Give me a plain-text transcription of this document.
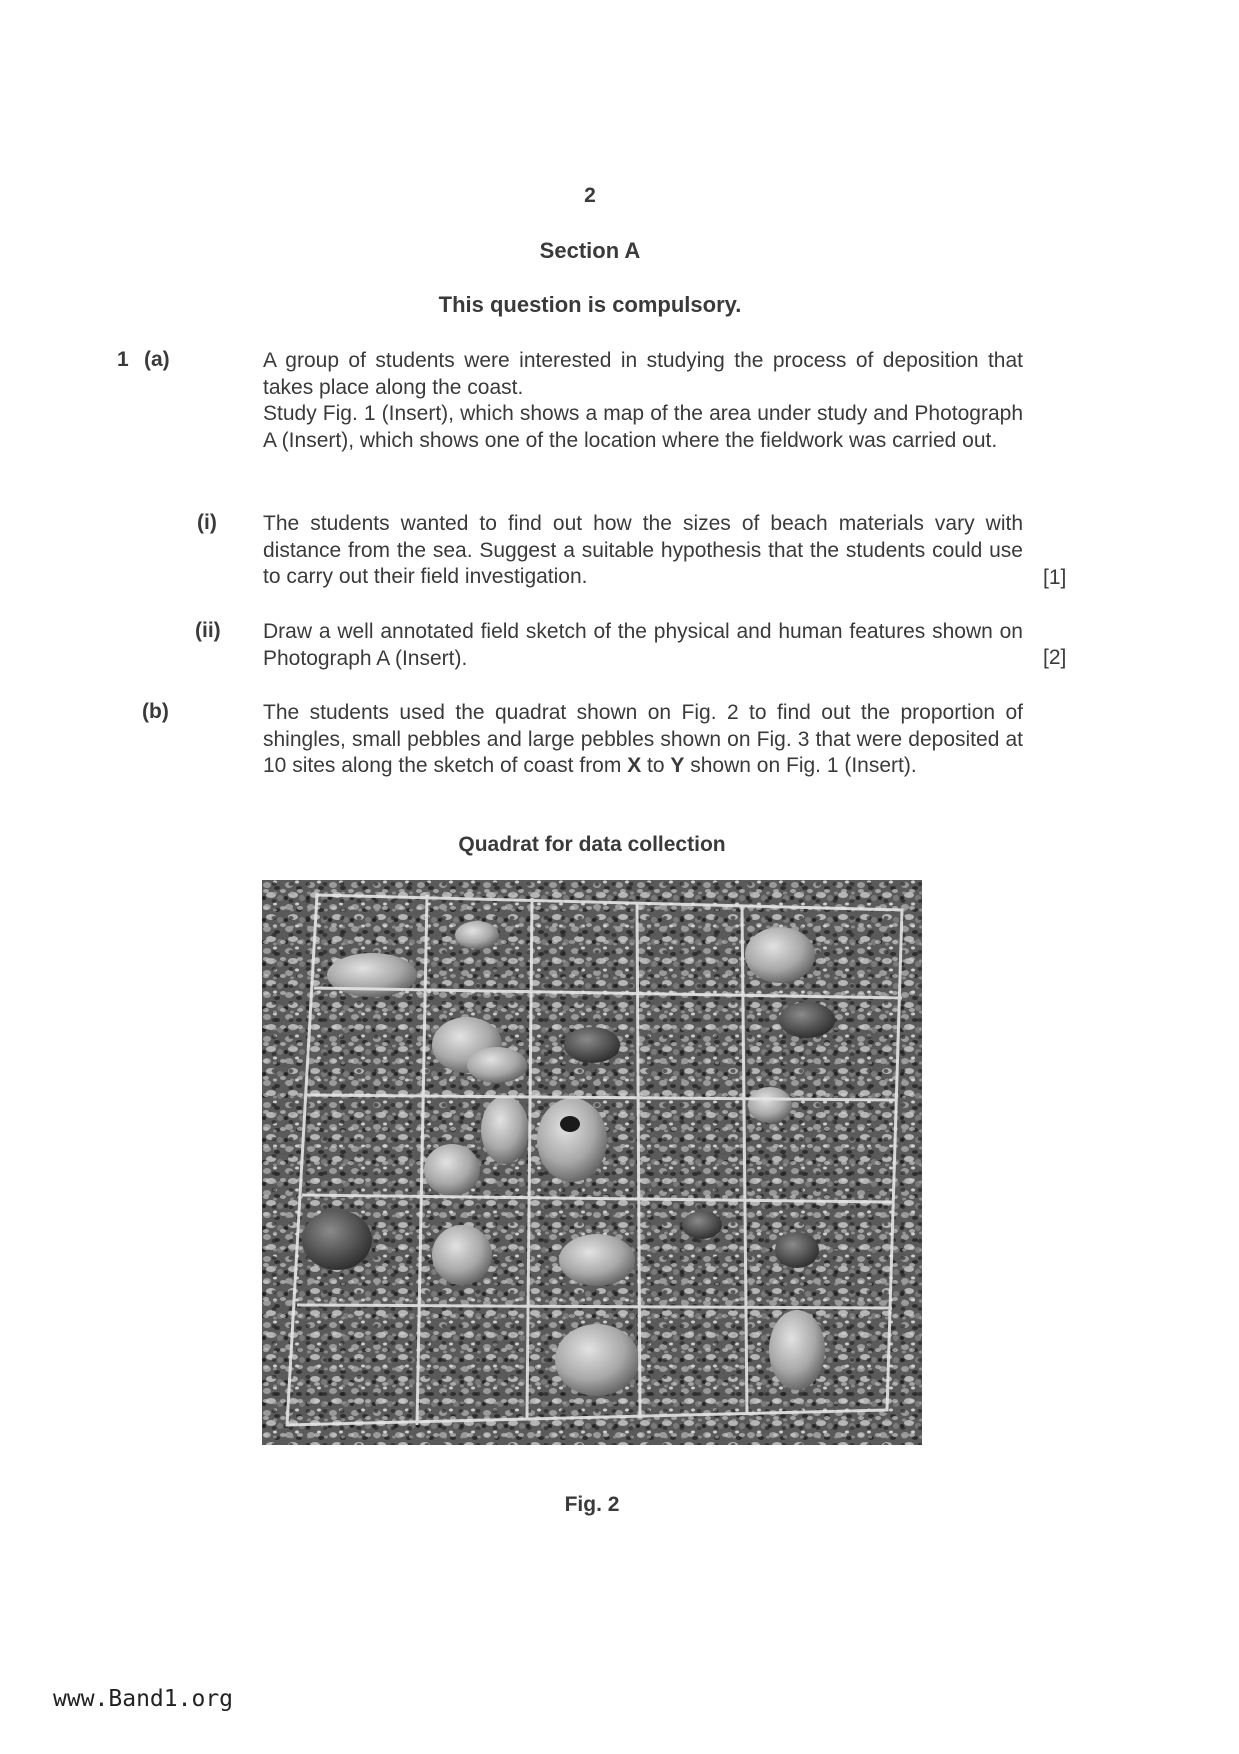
2
Section A
This question is compulsory.
1 (a)	A group of students were interested in studying the process of deposition that takes place along the coast.
Study Fig. 1 (Insert), which shows a map of the area under study and Photograph A (Insert), which shows one of the location where the fieldwork was carried out.
(i) The students wanted to find out how the sizes of beach materials vary with distance from the sea. Suggest a suitable hypothesis that the students could use to carry out their field investigation.	[1]
(ii) Draw a well annotated field sketch of the physical and human features shown on Photograph A (Insert).	[2]
(b)	The students used the quadrat shown on Fig. 2 to find out the proportion of shingles, small pebbles and large pebbles shown on Fig. 3 that were deposited at 10 sites along the sketch of coast from X to Y shown on Fig. 1 (Insert).
Quadrat for data collection
Fig. 2
www.Band1.org
